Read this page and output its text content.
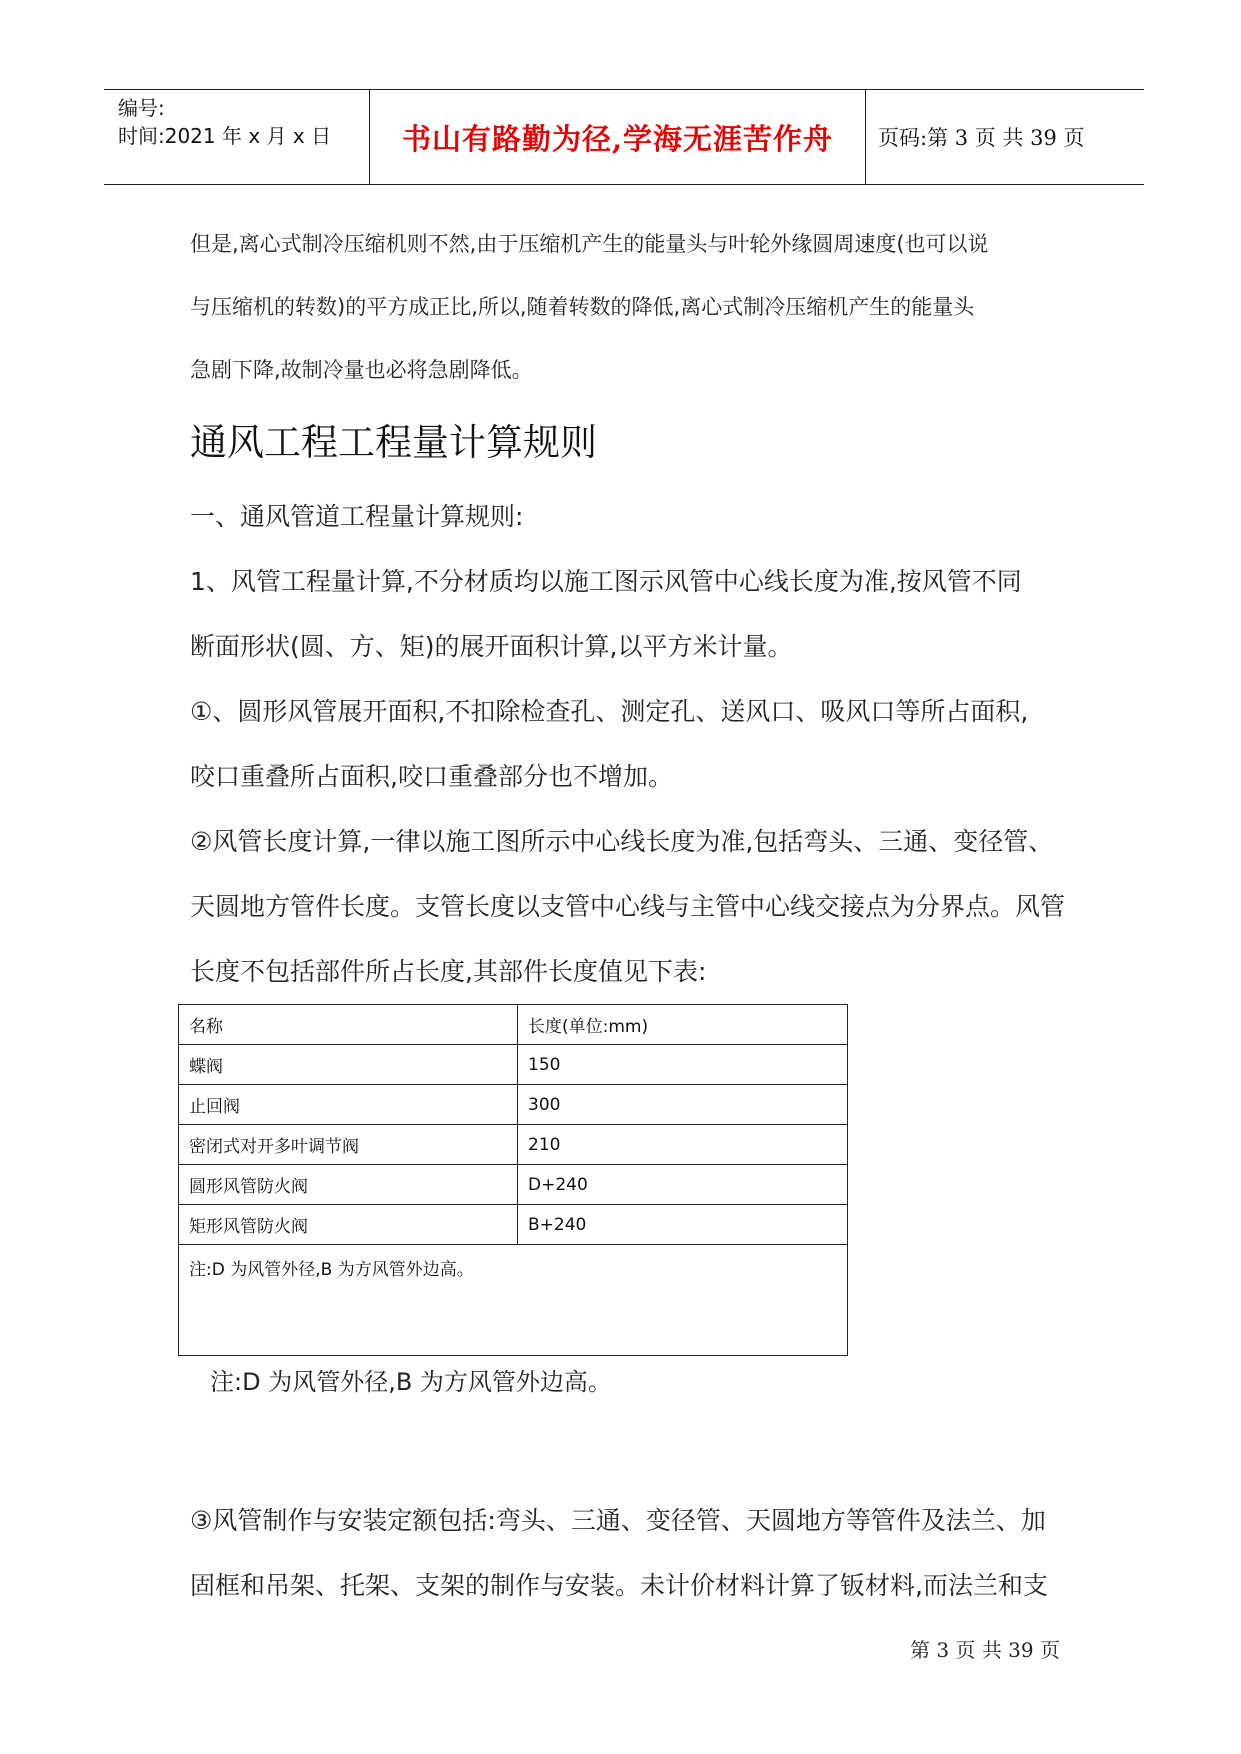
编号:
时间:2021 年 x 月 x 日	书山有路勤为径,学海无涯苦作舟	页码:第 3 页 共 39 页

但是,离心式制冷压缩机则不然,由于压缩机产生的能量头与叶轮外缘圆周速度(也可以说

与压缩机的转数)的平方成正比,所以,随着转数的降低,离心式制冷压缩机产生的能量头

急剧下降,故制冷量也必将急剧降低。

通风工程工程量计算规则
一、通风管道工程量计算规则:
1、风管工程量计算,不分材质均以施工图示风管中心线长度为准,按风管不同
断面形状(圆、方、矩)的展开面积计算,以平方米计量。
①、圆形风管展开面积,不扣除检查孔、测定孔、送风口、吸风口等所占面积,
咬口重叠所占面积,咬口重叠部分也不增加。
②风管长度计算,一律以施工图所示中心线长度为准,包括弯头、三通、变径管、
天圆地方管件长度。支管长度以支管中心线与主管中心线交接点为分界点。风管
长度不包括部件所占长度,其部件长度值见下表:
名称	长度(单位:mm)
蝶阀	150
止回阀	300
密闭式对开多叶调节阀	210
圆形风管防火阀	D+240
矩形风管防火阀	B+240
注:D 为风管外径,B 为方风管外边高。	
注:D 为风管外径,B 为方风管外边高。
③风管制作与安装定额包括:弯头、三通、变径管、天圆地方等管件及法兰、加
固框和吊架、托架、支架的制作与安装。未计价材料计算了钣材料,而法兰和支
第 3 页 共 39 页
